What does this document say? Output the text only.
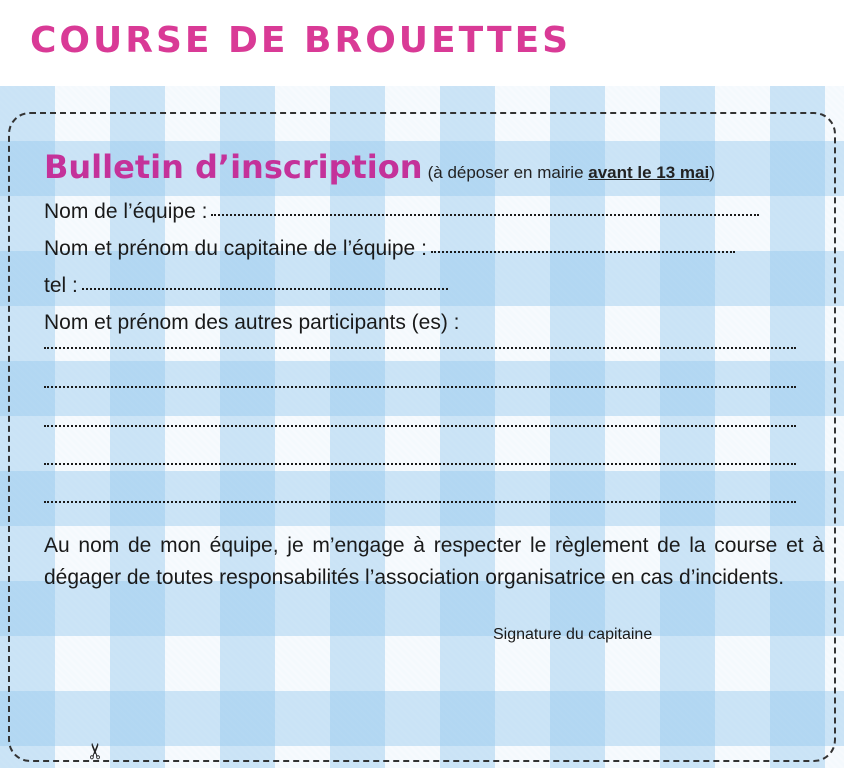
COURSE DE BROUETTES
Bulletin d’inscription (à déposer en mairie avant le 13 mai)
Nom de l’équipe :
Nom et prénom du capitaine de l’équipe :
tel :
Nom et prénom des autres participants (es) :
Au nom de mon équipe, je m’engage à respecter le règlement de la course et à dégager de toutes responsabilités l’association organisatrice en cas d’incidents.
Signature du capitaine
✂
